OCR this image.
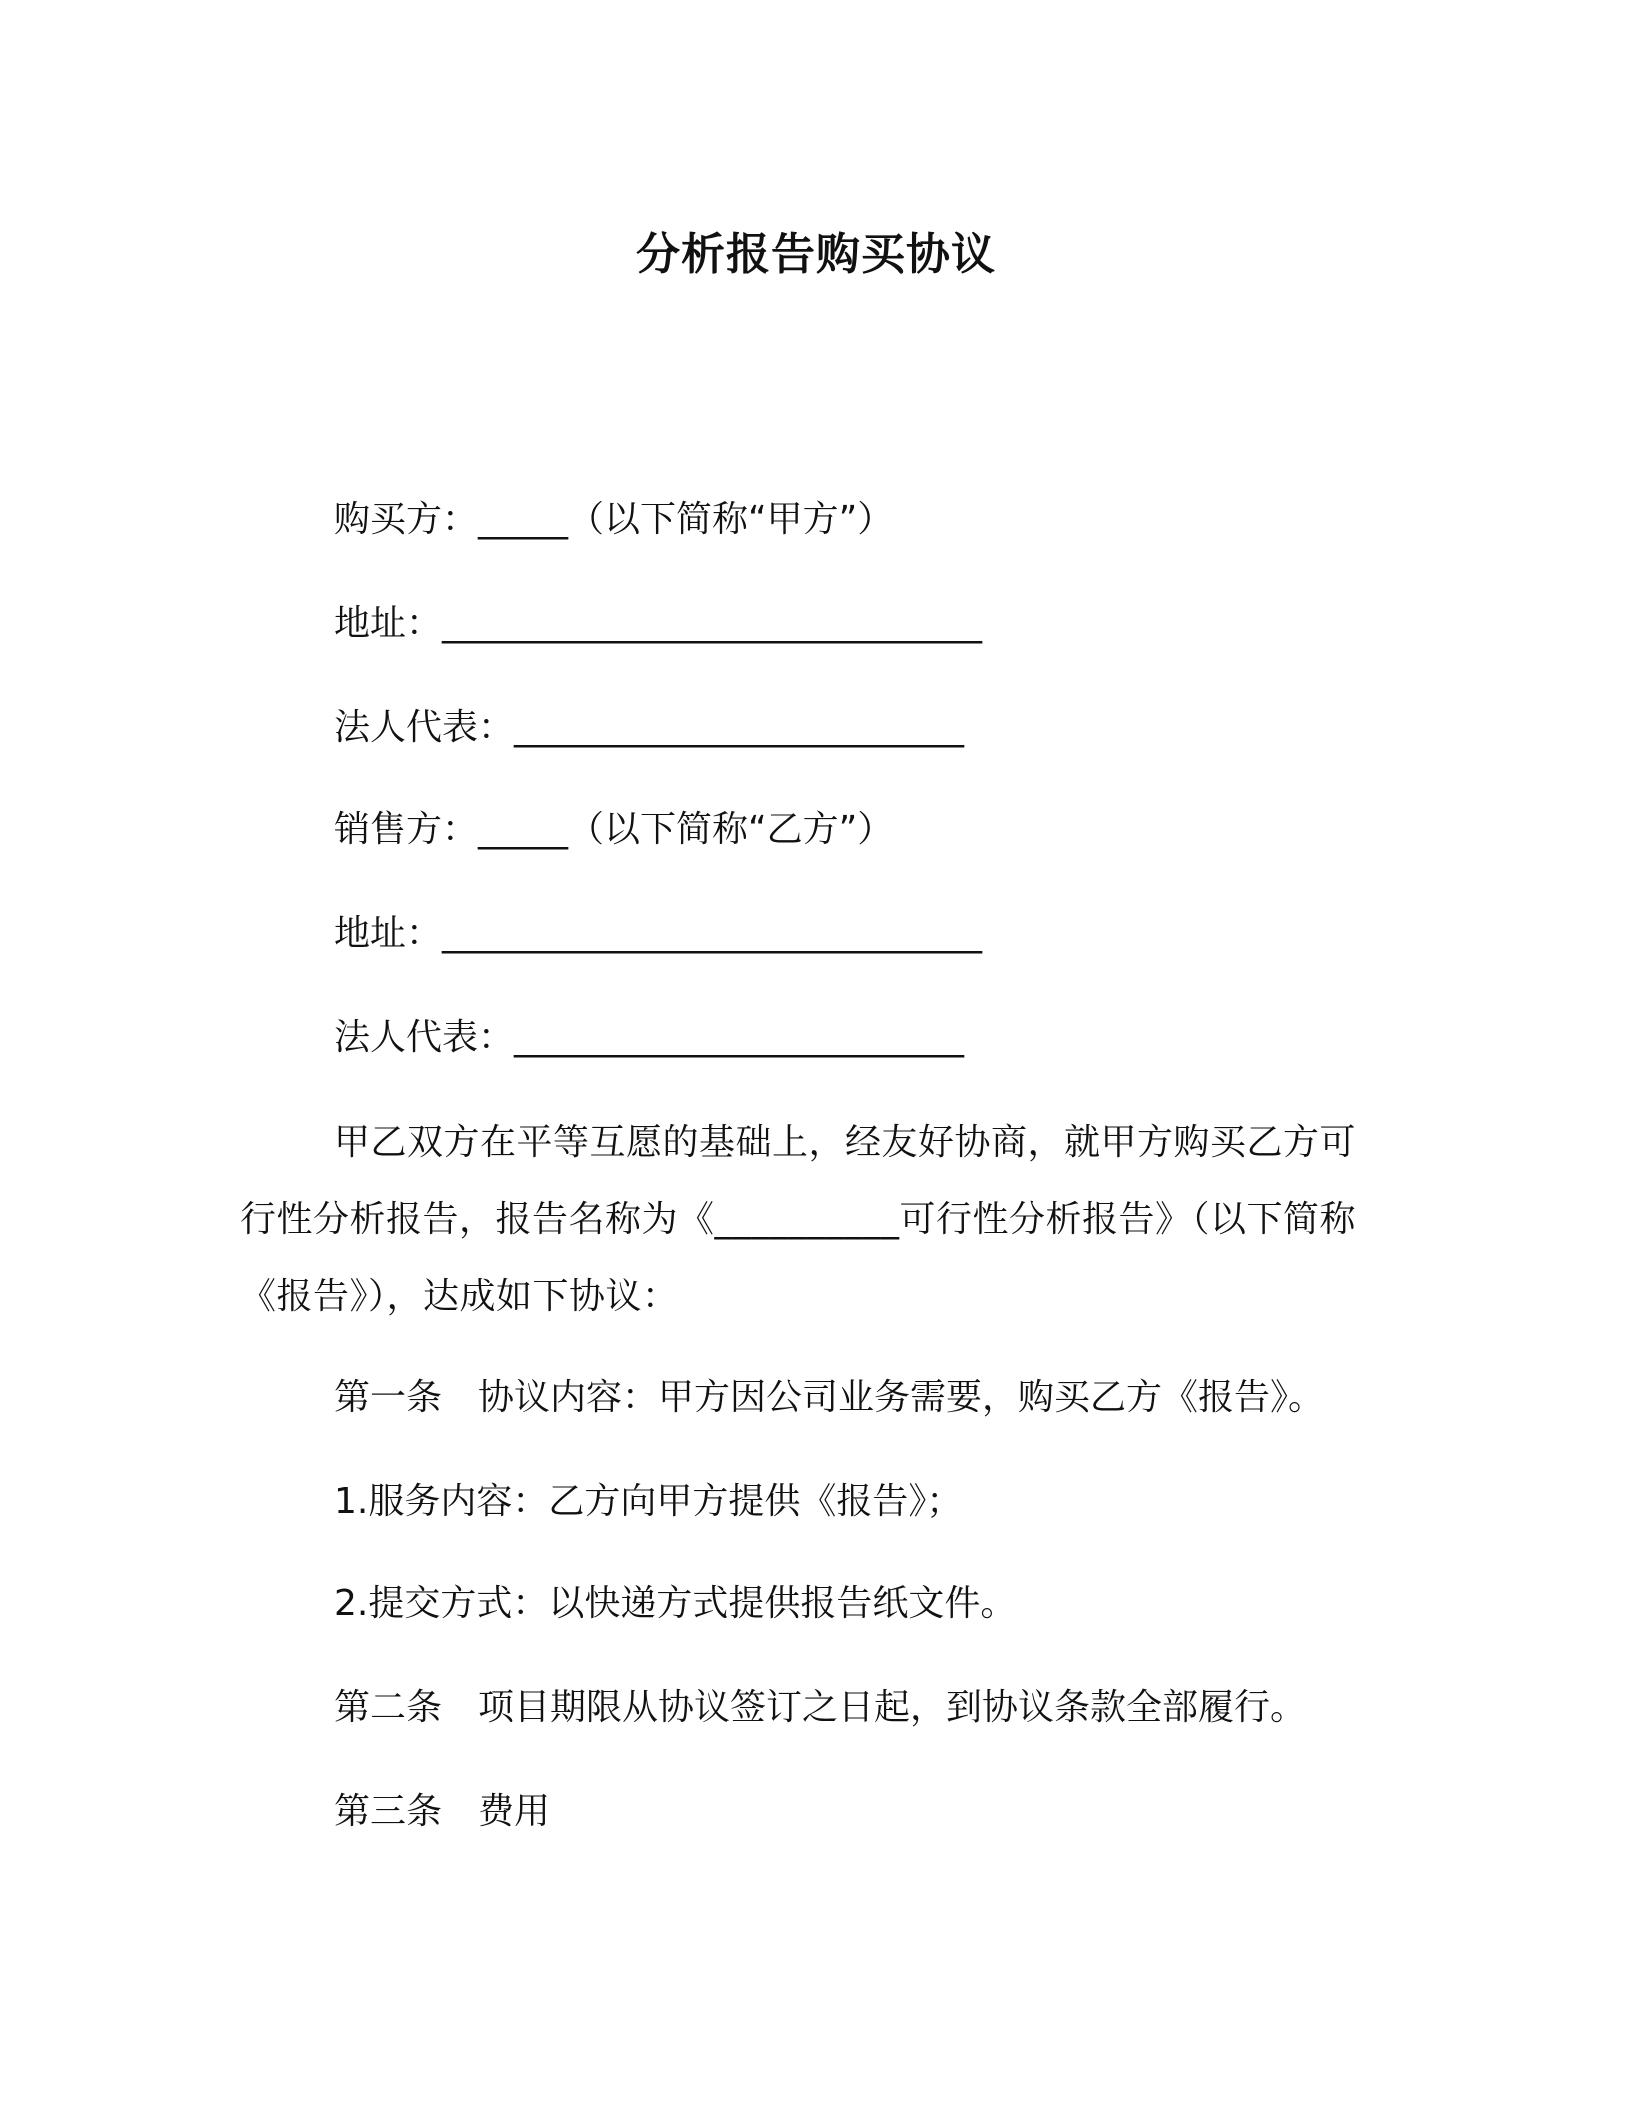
分析报告购买协议

购买方：_____（以下简称“甲方”）

地址：______________________________

法人代表：_________________________

销售方：_____（以下简称“乙方”）

地址：______________________________

法人代表：_________________________

甲乙双方在平等互愿的基础上，经友好协商，就甲方购买乙方可行性分析报告，报告名称为《__________可行性分析报告》（以下简称《报告》），达成如下协议：

第一条　协议内容：甲方因公司业务需要，购买乙方《报告》。

1.服务内容：乙方向甲方提供《报告》；

2.提交方式：以快递方式提供报告纸文件。

第二条　项目期限从协议签订之日起，到协议条款全部履行。

第三条　费用
